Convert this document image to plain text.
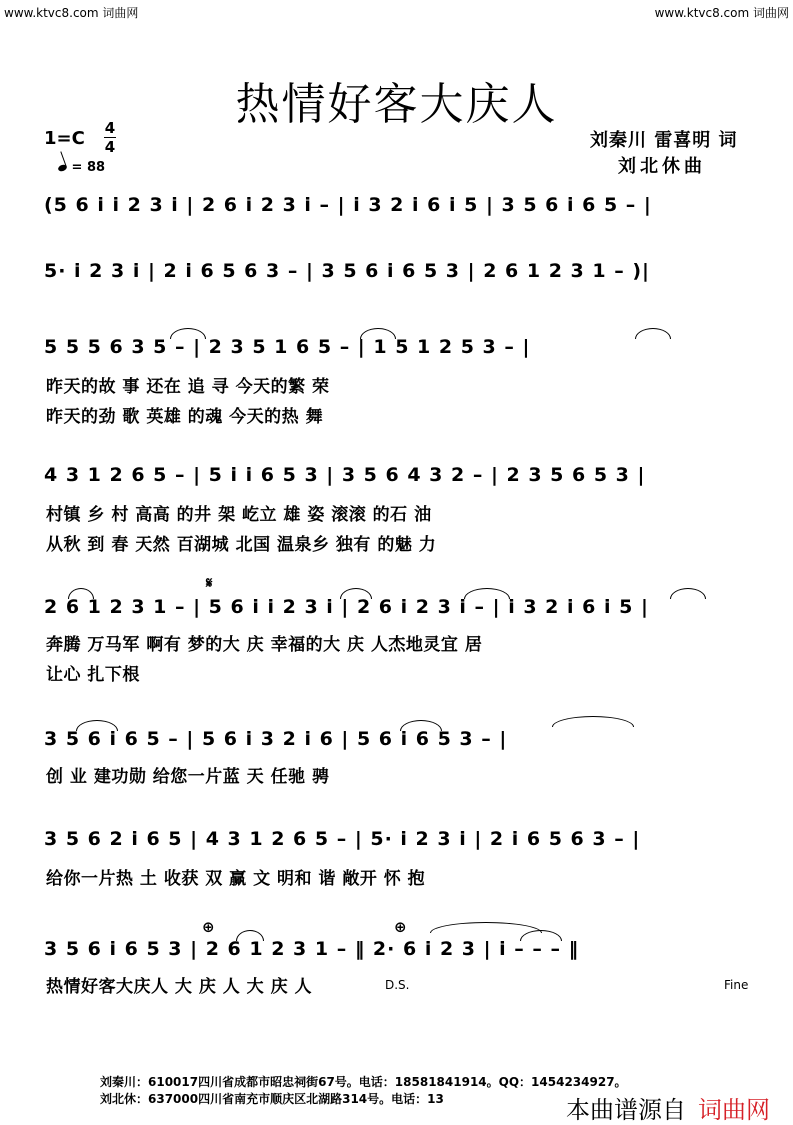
www.ktvc8.com 词曲网	www.ktvc8.com 词曲网
热情好客大庆人
1=C 4
4
= 88
刘秦川 雷喜明 词
刘北休曲
(5 6 i i 2 3 i | 2 6 i 2 3 i – | i 3 2 i 6 i 5 | 3 5 6 i 6 5 – |
5· i 2 3 i | 2 i 6 5 6 3 – | 3 5 6 i 6 5 3 | 2 6 1 2 3 1 – )|
5 5 5 6 3 5 – | 2 3 5 1 6 5 – | 1 5 1 2 5 3 – |
昨天的故 事 还在 追 寻 今天的繁 荣
昨天的劲 歌 英雄 的魂 今天的热 舞
4 3 1 2 6 5 – | 5 i i 6 5 3 | 3 5 6 4 3 2 – | 2 3 5 6 5 3 |
村镇 乡 村 高高 的井 架 屹立 雄 姿 滚滚 的石 油
从秋 到 春 天然 百湖城 北国 温泉乡 独有 的魅 力
𝄋
2 6 1 2 3 1 – | 5 6 i i 2 3 i | 2 6 i 2 3 i – | i 3 2 i 6 i 5 |
奔腾 万马军 啊有 梦的大 庆 幸福的大 庆 人杰地灵宜 居
让心 扎下根
3 5 6 i 6 5 – | 5 6 i 3 2 i 6 | 5 6 i 6 5 3 – |
创 业 建功勋 给您一片蓝 天 任驰 骋
3 5 6 2 i 6 5 | 4 3 1 2 6 5 – | 5· i 2 3 i | 2 i 6 5 6 3 – |
给你一片热 土 收获 双 赢 文 明和 谐 敞开 怀 抱
⊕	⊕
3 5 6 i 6 5 3 | 2 6 1 2 3 1 – ‖ 2· 6 i 2 3 | i – – – ‖
热情好客大庆人 大 庆 人 大 庆 人	D.S.	Fine
刘秦川：610017四川省成都市昭忠祠街67号。电话：18581841914。QQ：1454234927。
刘北休：637000四川省南充市顺庆区北湖路314号。电话：13	本曲谱源自 词曲网
